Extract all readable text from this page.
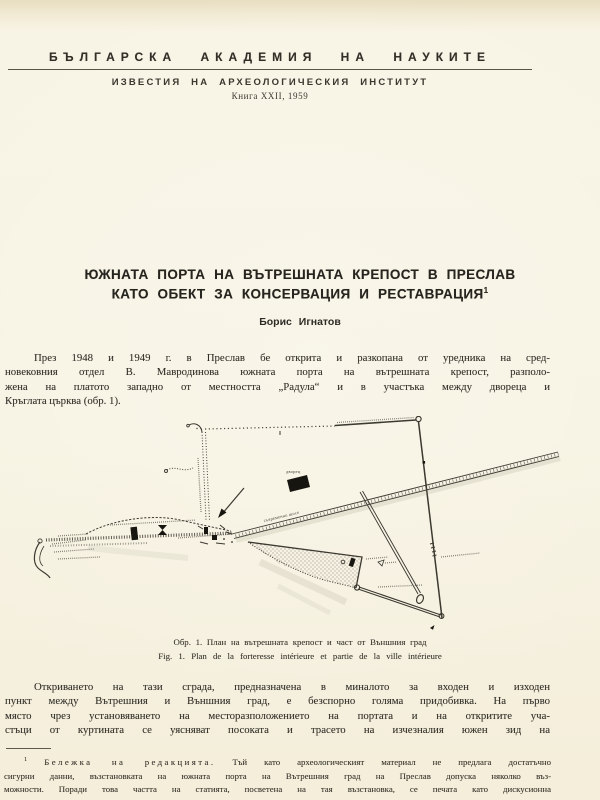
БЪЛГАРСКА АКАДЕМИЯ НА НАУКИТЕ
ИЗВЕСТИЯ НА АРХЕОЛОГИЧЕСКИЯ ИНСТИТУТ
Книга XXII, 1959
ЮЖНАТА ПОРТА НА ВЪТРЕШНАТА КРЕПОСТ В ПРЕСЛАВ
КАТО ОБЕКТ ЗА КОНСЕРВАЦИЯ И РЕСТАВРАЦИЯ$^1$
Борис Игнатов
През 1948 и 1949 г. в Преслав бе открита и разкопана от уредника на сред-
новековния отдел В. Мавродинова южната порта на вътрешната крепост, разполо-
жена на платото западно от местността „Радула“ и в участъка между двореца и
Кръглата църква (обр. 1).
дворец
съвременно шосе
Обр. 1. План на вътрешната крепост и част от Външния град
Fig. 1. Plan de la forteresse intérieure et partie de la ville intérieure
Откриването на тази сграда, предназначена в миналото за входен и изходен
пункт между Вътрешния и Външния град, е безспорно голяма придобивка. На първо
място чрез установяването на месторазположението на портата и на откритите уча-
стъци от куртината се уясняват посоката и трасето на изчезналия южен зид на
$^1$ Бележка на редакцията. Тъй като археологическият материал не предлага достатъчно
сигурни данни, възстановката на южната порта на Вътрешния град на Преслав допуска няколко въз-
можности. Поради това частта на статията, посветена на тая възстановка, се печата като дискусионна
